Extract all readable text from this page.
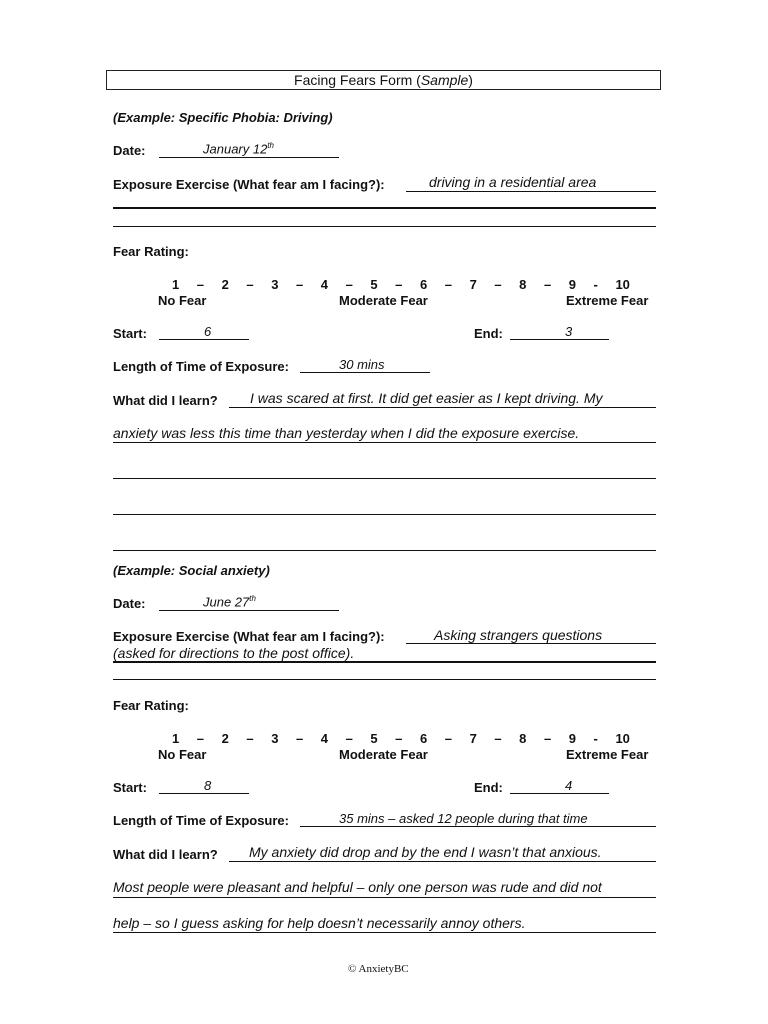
Facing Fears Form (Sample)
(Example: Specific Phobia: Driving)
Date:	January 12th
Exposure Exercise (What fear am I facing?):	driving in a residential area
Fear Rating:
1 – 2 – 3 – 4 – 5 – 6 – 7 – 8 – 9 - 10
No Fear	Moderate Fear	Extreme Fear
Start:	6	End:	3
Length of Time of Exposure:	30 mins
What did I learn? I was scared at first. It did get easier as I kept driving. My
anxiety was less this time than yesterday when I did the exposure exercise.
(Example: Social anxiety)
Date:	June 27th
Exposure Exercise (What fear am I facing?):	Asking strangers questions
(asked for directions to the post office).
Fear Rating:
1 – 2 – 3 – 4 – 5 – 6 – 7 – 8 – 9 - 10
No Fear	Moderate Fear	Extreme Fear
Start:	8	End:	4
Length of Time of Exposure:	35 mins – asked 12 people during that time
What did I learn? My anxiety did drop and by the end I wasn’t that anxious.
Most people were pleasant and helpful – only one person was rude and did not
help – so I guess asking for help doesn’t necessarily annoy others.
© AnxietyBC
